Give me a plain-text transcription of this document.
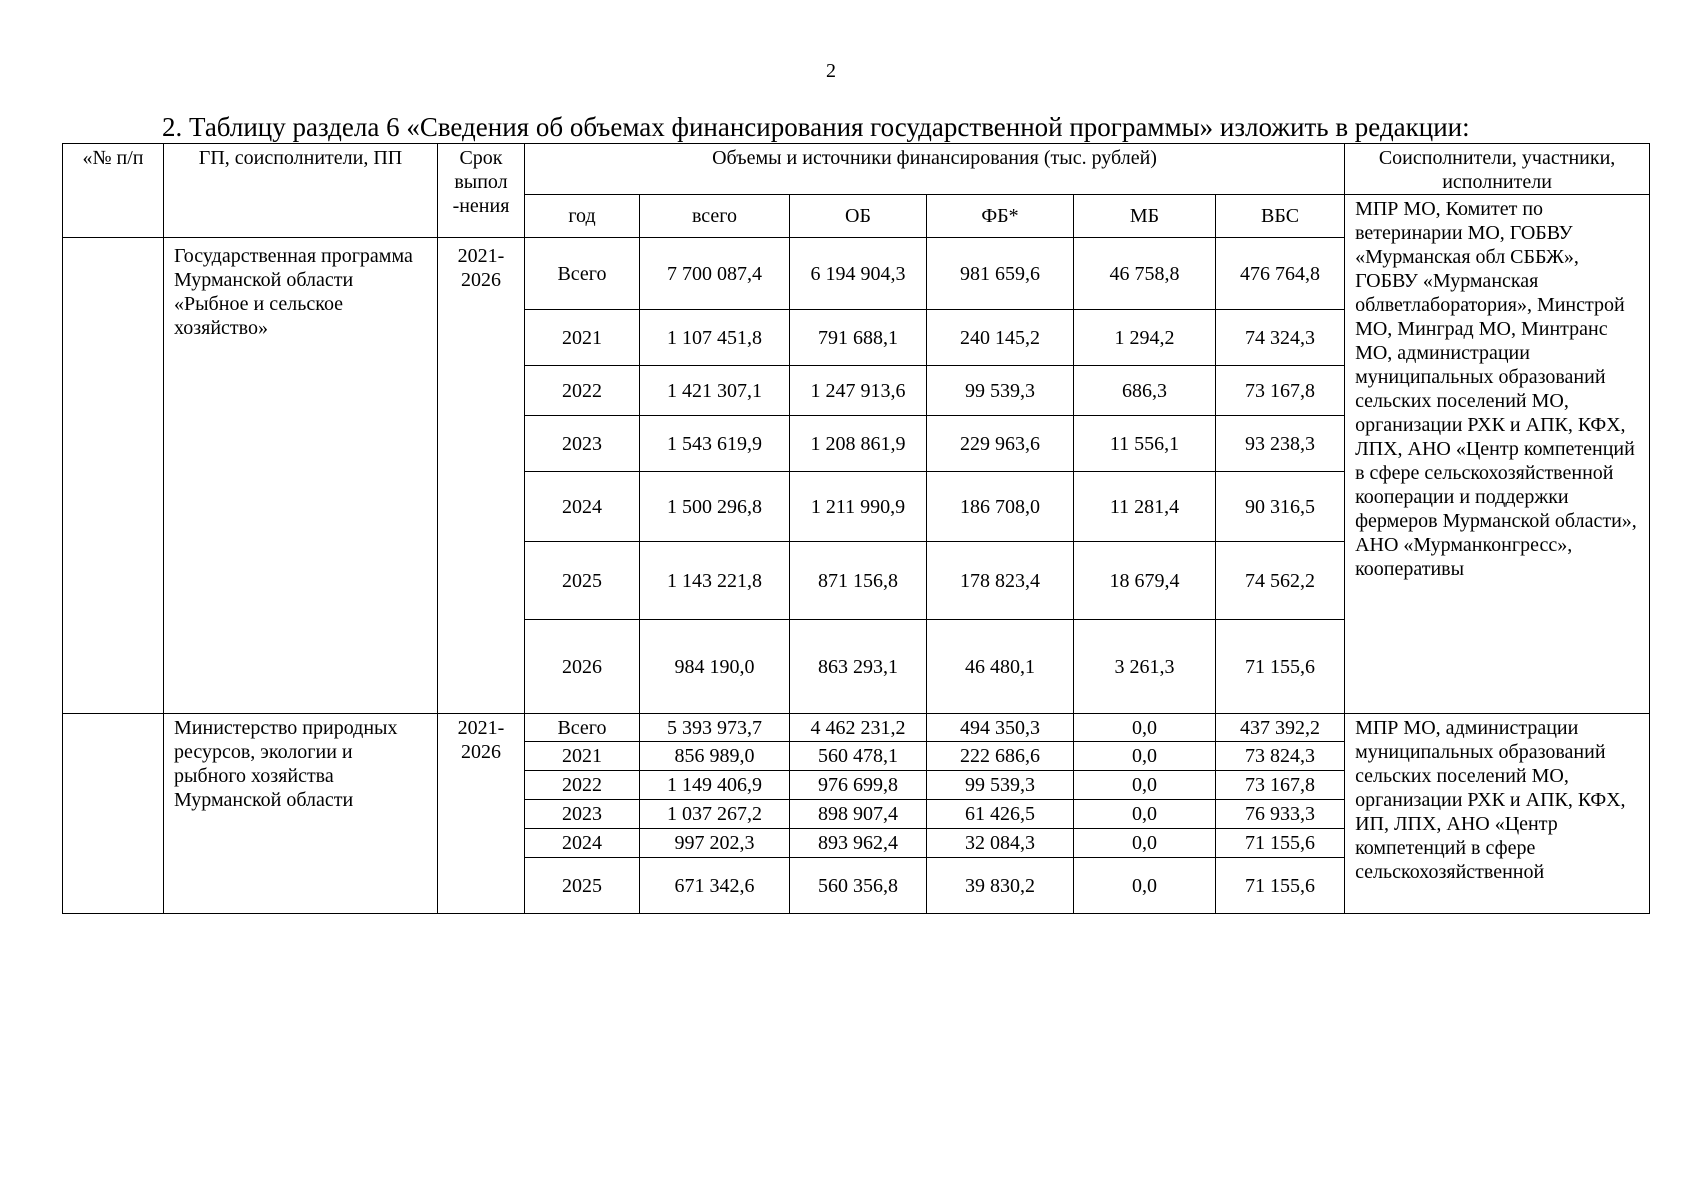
2
2. Таблицу раздела 6 «Сведения об объемах финансирования государственной программы» изложить в редакции:
«№ п/п	ГП, соисполнители, ПП	Срок выпол -нения	Объемы и источники финансирования (тыс. рублей)						Соисполнители, участники, исполнители
			год	всего	ОБ	ФБ*	МБ	ВБС	МПР МО, Комитет по ветеринарии МО, ГОБВУ «Мурманская обл СББЖ», ГОБВУ «Мурманская облветлаборатория», Минстрой МО, Минград МО, Минтранс МО, администрации муниципальных образований сельских поселений МО, организации РХК и АПК, КФХ, ЛПХ, АНО «Центр компетенций в сфере сельскохозяйственной кооперации и поддержки фермеров Мурманской области», АНО «Мурманконгресс», кооперативы
	Государственная программа Мурманской области «Рыбное и сельское хозяйство»	2021-2026	Всего	7 700 087,4	6 194 904,3	981 659,6	46 758,8	476 764,8	
			2021	1 107 451,8	791 688,1	240 145,2	1 294,2	74 324,3	
			2022	1 421 307,1	1 247 913,6	99 539,3	686,3	73 167,8	
			2023	1 543 619,9	1 208 861,9	229 963,6	11 556,1	93 238,3	
			2024	1 500 296,8	1 211 990,9	186 708,0	11 281,4	90 316,5	
			2025	1 143 221,8	871 156,8	178 823,4	18 679,4	74 562,2	
			2026	984 190,0	863 293,1	46 480,1	3 261,3	71 155,6	
	Министерство природных ресурсов, экологии и рыбного хозяйства Мурманской области	2021-2026	Всего	5 393 973,7	4 462 231,2	494 350,3	0,0	437 392,2	МПР МО, администрации муниципальных образований сельских поселений МО, организации РХК и АПК, КФХ, ИП, ЛПХ, АНО «Центр компетенций в сфере сельскохозяйственной
			2021	856 989,0	560 478,1	222 686,6	0,0	73 824,3	
			2022	1 149 406,9	976 699,8	99 539,3	0,0	73 167,8	
			2023	1 037 267,2	898 907,4	61 426,5	0,0	76 933,3	
			2024	997 202,3	893 962,4	32 084,3	0,0	71 155,6	
			2025	671 342,6	560 356,8	39 830,2	0,0	71 155,6	
